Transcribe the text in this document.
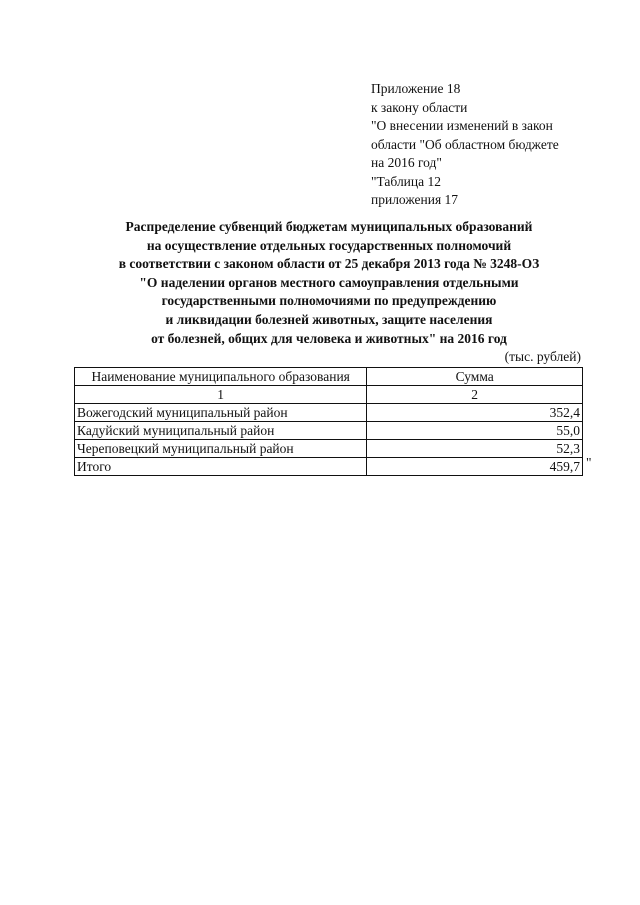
Приложение 18
к закону области
"О внесении изменений в закон
области "Об областном бюджете
на 2016 год"
"Таблица 12
приложения 17
Распределение субвенций бюджетам муниципальных образований
на осуществление отдельных государственных полномочий
в соответствии с законом области от 25 декабря 2013 года № 3248-ОЗ
"О наделении органов местного самоуправления отдельными
государственными полномочиями по предупреждению
и ликвидации болезней животных, защите населения
от болезней, общих для человека и животных" на 2016 год
(тыс. рублей)
Наименование муниципального образования	Сумма
1	2
Вожегодский муниципальный район	352,4
Кадуйский муниципальный район	55,0
Череповецкий муниципальный район	52,3
Итого	459,7 "
